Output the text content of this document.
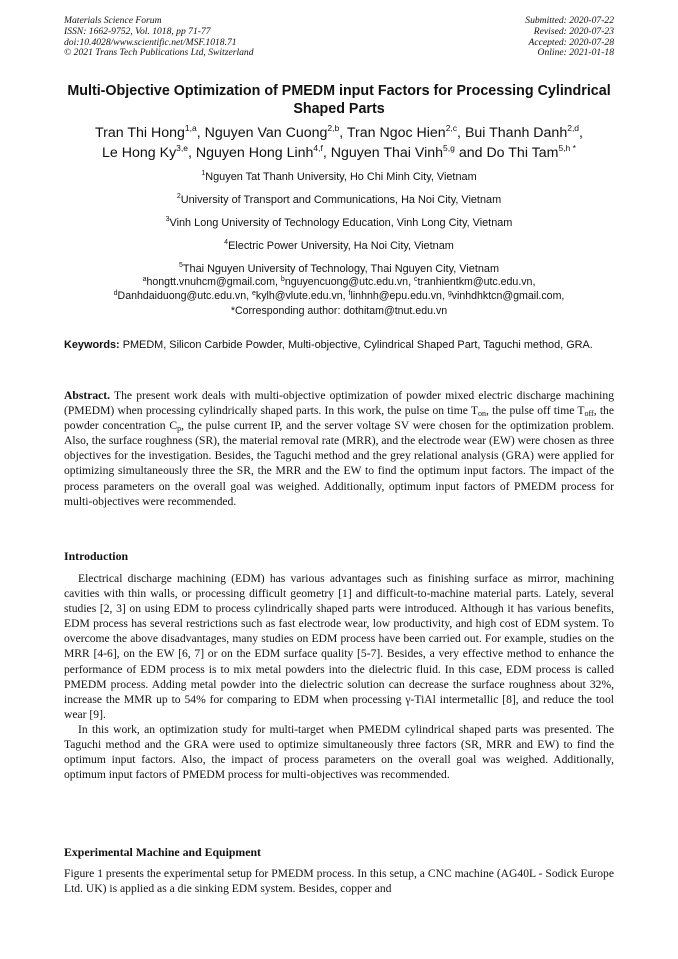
Materials Science Forum
ISSN: 1662-9752, Vol. 1018, pp 71-77
doi:10.4028/www.scientific.net/MSF.1018.71
© 2021 Trans Tech Publications Ltd, Switzerland
Submitted: 2020-07-22
Revised: 2020-07-23
Accepted: 2020-07-28
Online: 2021-01-18
Multi-Objective Optimization of PMEDM input Factors for Processing Cylindrical Shaped Parts
Tran Thi Hong$^{1,a}$, Nguyen Van Cuong$^{2,b}$, Tran Ngoc Hien$^{2,c}$, Bui Thanh Danh$^{2,d}$,
Le Hong Ky$^{3,e}$, Nguyen Hong Linh$^{4,f}$, Nguyen Thai Vinh$^{5,g}$ and Do Thi Tam$^{5,h *}$
$^1$Nguyen Tat Thanh University, Ho Chi Minh City, Vietnam
$^2$University of Transport and Communications, Ha Noi City, Vietnam
$^3$Vinh Long University of Technology Education, Vinh Long City, Vietnam
$^4$Electric Power University, Ha Noi City, Vietnam
$^5$Thai Nguyen University of Technology, Thai Nguyen City, Vietnam
$^a$hongtt.vnuhcm@gmail.com, $^b$nguyencuong@utc.edu.vn, $^c$tranhientkm@utc.edu.vn,
$^d$Danhdaiduong@utc.edu.vn, $^e$kylh@vlute.edu.vn, $^f$linhnh@epu.edu.vn, $^g$vinhdhktcn@gmail.com,
*Corresponding author: dothitam@tnut.edu.vn
Keywords: PMEDM, Silicon Carbide Powder, Multi-objective, Cylindrical Shaped Part, Taguchi method, GRA.
Abstract. The present work deals with multi-objective optimization of powder mixed electric discharge machining (PMEDM) when processing cylindrically shaped parts. In this work, the pulse on time $T_{on}$, the pulse off time $T_{off}$, the powder concentration $C_p$, the pulse current IP, and the server voltage SV were chosen for the optimization problem. Also, the surface roughness (SR), the material removal rate (MRR), and the electrode wear (EW) were chosen as three objectives for the investigation. Besides, the Taguchi method and the grey relational analysis (GRA) were applied for optimizing simultaneously three the SR, the MRR and the EW to find the optimum input factors. The impact of the process parameters on the overall goal was weighed. Additionally, optimum input factors of PMEDM process for multi-objectives were recommended.
Introduction

Electrical discharge machining (EDM) has various advantages such as finishing surface as mirror, machining cavities with thin walls, or processing difficult geometry [1] and difficult-to-machine material parts. Lately, several studies [2, 3] on using EDM to process cylindrically shaped parts were introduced. Although it has various benefits, EDM process has several restrictions such as fast electrode wear, low productivity, and high cost of EDM system. To overcome the above disadvantages, many studies on EDM process have been carried out. For example, studies on the MRR [4-6], on the EW [6, 7] or on the EDM surface quality [5-7]. Besides, a very effective method to enhance the performance of EDM process is to mix metal powders into the dielectric fluid. In this case, EDM process is called PMEDM process. Adding metal powder into the dielectric solution can decrease the surface roughness about 32%, increase the MMR up to 54% for comparing to EDM when processing γ-TiAl intermetallic [8], and reduce the tool wear [9].

In this work, an optimization study for multi-target when PMEDM cylindrical shaped parts was presented. The Taguchi method and the GRA were used to optimize simultaneously three factors (SR, MRR and EW) to find the optimum input factors. Also, the impact of process parameters on the overall goal was weighed. Additionally, optimum input factors of PMEDM process for multi-objectives was recommended.

Experimental Machine and Equipment

Figure 1 presents the experimental setup for PMEDM process. In this setup, a CNC machine (AG40L - Sodick Europe Ltd. UK) is applied as a die sinking EDM system. Besides, copper and
